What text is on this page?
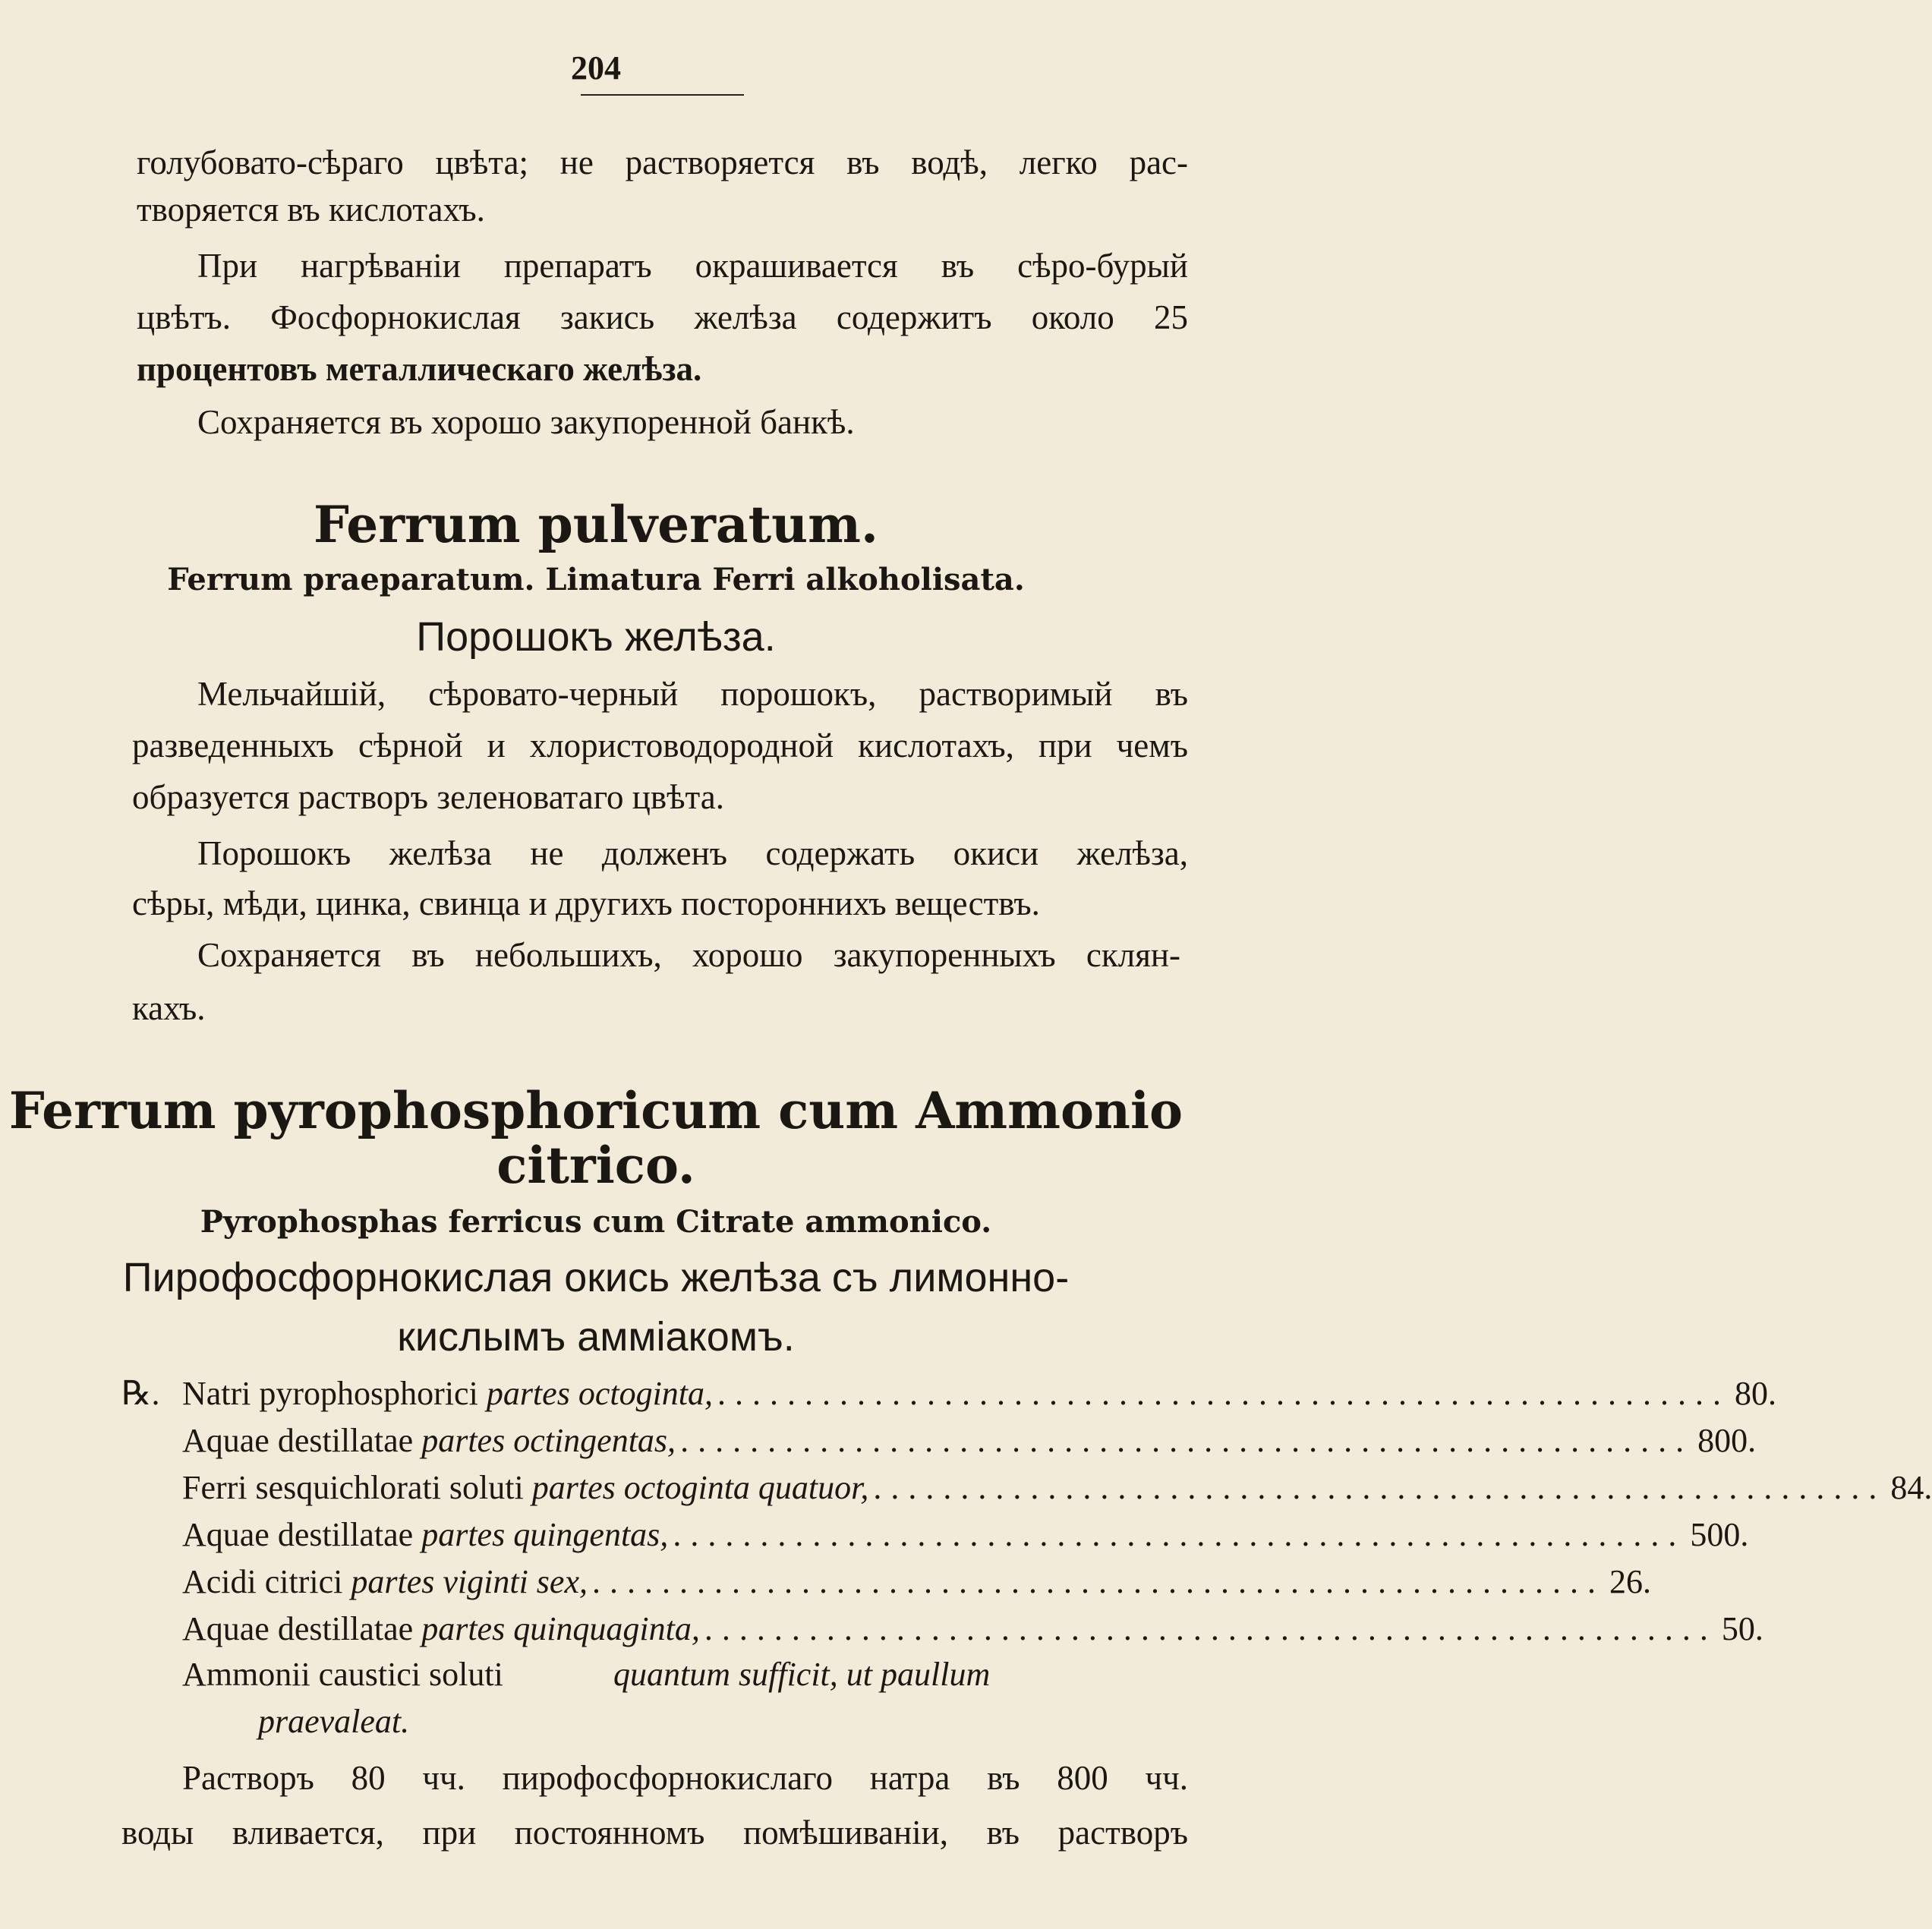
204
голубовато-сѣраго цвѣта; не растворяется въ водѣ, легко рас-
творяется въ кислотахъ.
При нагрѣваніи препаратъ окрашивается въ сѣро-бурый
цвѣтъ. Фосфорнокислая закись желѣза содержитъ около 25
процентовъ металлическаго желѣза.
Сохраняется въ хорошо закупоренной банкѣ.
Ferrum pulveratum.
Ferrum praeparatum. Limatura Ferri alkoholisata.
Порошокъ желѣза.
Мельчайшій, сѣровато-черный порошокъ, растворимый въ
разведенныхъ сѣрной и хлористоводородной кислотахъ, при чемъ
образуется растворъ зеленоватаго цвѣта.
Порошокъ желѣза не долженъ содержать окиси желѣза,
сѣры, мѣди, цинка, свинца и другихъ постороннихъ веществъ.
Сохраняется въ небольшихъ, хорошо закупоренныхъ склян-
кахъ.
Ferrum pyrophosphoricum cum Ammonio
citrico.
Pyrophosphas ferricus cum Citrate ammonico.
Пирофосфорнокислая окись желѣза съ лимонно-
кислымъ амміакомъ.
℞. Natri pyrophosphorici partes octoginta, .......................................................... 80.
Aquae destillatae partes octingentas, .......................................................... 800.
Ferri sesquichlorati soluti partes octoginta quatuor, .......................................................... 84.
Aquae destillatae partes quingentas, .......................................................... 500.
Acidi citrici partes viginti sex, .......................................................... 26.
Aquae destillatae partes quinquaginta, .......................................................... 50.
Ammonii caustici soluti	quantum sufficit, ut paullum
praevaleat.
Растворъ 80 чч. пирофосфорнокислаго натра въ 800 чч.
воды вливается, при постоянномъ помѣшиваніи, въ растворъ
